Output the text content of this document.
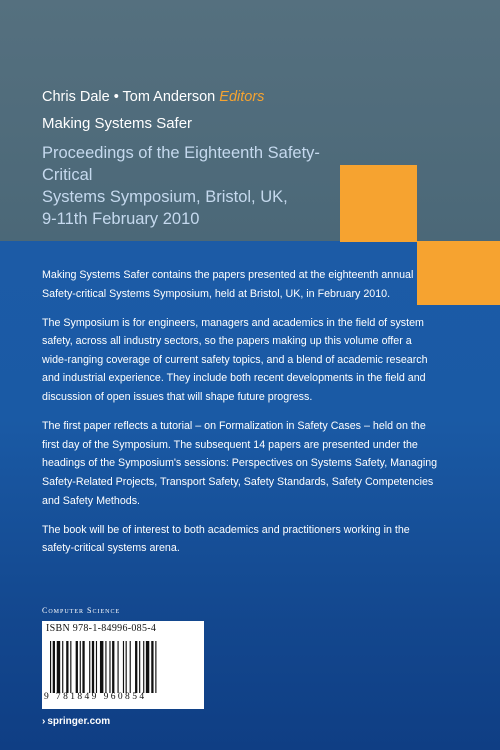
Chris Dale • Tom Anderson Editors
Making Systems Safer
Proceedings of the Eighteenth Safety-Critical
Systems Symposium, Bristol, UK,
9-11th February 2010

Making Systems Safer contains the papers presented at the eighteenth annual
Safety-critical Systems Symposium, held at Bristol, UK, in February 2010.

The Symposium is for engineers, managers and academics in the field of system
safety, across all industry sectors, so the papers making up this volume offer a
wide-ranging coverage of current safety topics, and a blend of academic research
and industrial experience. They include both recent developments in the field and
discussion of open issues that will shape future progress.

The first paper reflects a tutorial – on Formalization in Safety Cases – held on the
first day of the Symposium. The subsequent 14 papers are presented under the
headings of the Symposium's sessions: Perspectives on Systems Safety, Managing
Safety-Related Projects, Transport Safety, Safety Standards, Safety Competencies
and Safety Methods.

The book will be of interest to both academics and practitioners working in the
safety-critical systems arena.

Computer Science
ISBN 978-1-84996-085-4
9 781849 960854
› springer.com
